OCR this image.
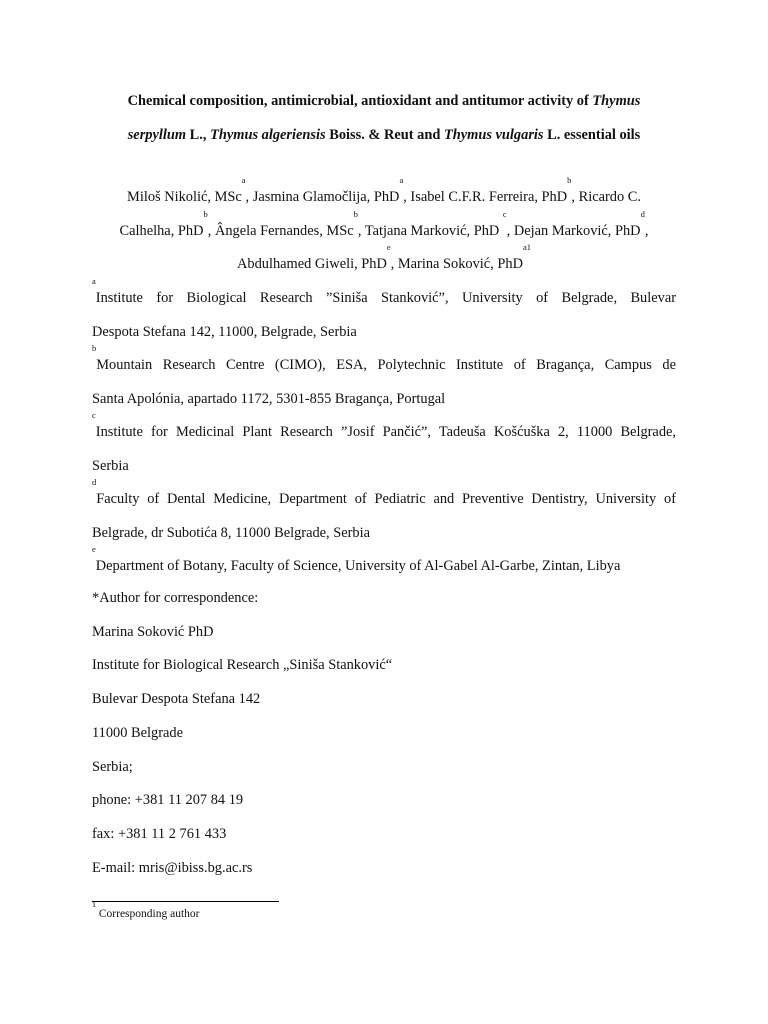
Chemical composition, antimicrobial, antioxidant and antitumor activity of Thymus
serpyllum L., Thymus algeriensis Boiss. & Reut and Thymus vulgaris L. essential oils
Miloš Nikolić, MSc$^a$, Jasmina Glamočlija, PhD$^a$, Isabel C.F.R. Ferreira, PhD$^b$, Ricardo C.
Calhelha, PhD$^b$, Ângela Fernandes, MSc$^b$, Tatjana Marković, PhD $^c$, Dejan Marković, PhD$^d$,
Abdulhamed Giweli, PhD$^e$, Marina Soković, PhD$^{a1}$
$^a$Institute for Biological Research ”Siniša Stanković”, University of Belgrade, Bulevar
Despota Stefana 142, 11000, Belgrade, Serbia
$^b$Mountain Research Centre (CIMO), ESA, Polytechnic Institute of Bragança, Campus de
Santa Apolónia, apartado 1172, 5301-855 Bragança, Portugal
$^c$Institute for Medicinal Plant Research ”Josif Pančić”, Tadeuša Košćuška 2, 11000 Belgrade,
Serbia
$^d$Faculty of Dental Medicine, Department of Pediatric and Preventive Dentistry, University of
Belgrade, dr Subotića 8, 11000 Belgrade, Serbia
$^e$Department of Botany, Faculty of Science, University of Al-Gabel Al-Garbe, Zintan, Libya
*Author for correspondence:
Marina Soković PhD
Institute for Biological Research „Siniša Stanković“
Bulevar Despota Stefana 142
11000 Belgrade
Serbia;
phone: +381 11 207 84 19
fax: +381 11 2 761 433
E-mail: mris@ibiss.bg.ac.rs
$^1$ Corresponding author
